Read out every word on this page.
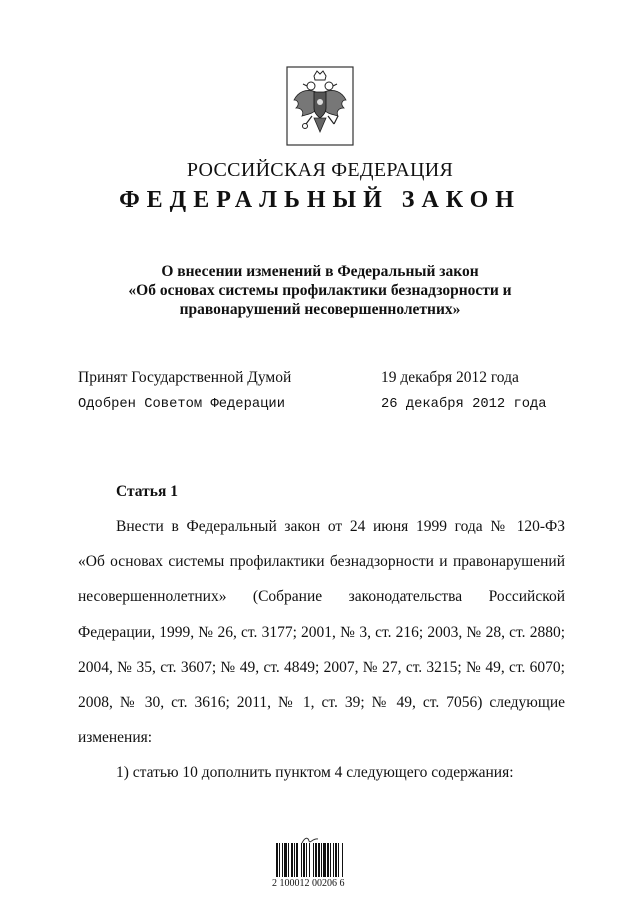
РОССИЙСКАЯ ФЕДЕРАЦИЯ
ФЕДЕРАЛЬНЫЙ ЗАКОН
О внесении изменений в Федеральный закон
«Об основах системы профилактики безнадзорности и
правонарушений несовершеннолетних»
Принят Государственной Думой	19 декабря 2012 года
Одобрен Советом Федерации	26 декабря 2012 года
Статья 1
Внести в Федеральный закон от 24 июня 1999 года № 120-ФЗ
«Об основах системы профилактики безнадзорности и правонарушений
несовершеннолетних» (Собрание законодательства Российской
Федерации, 1999, № 26, ст. 3177; 2001, № 3, ст. 216; 2003, № 28, ст. 2880;
2004, № 35, ст. 3607; № 49, ст. 4849; 2007, № 27, ст. 3215; № 49, ст. 6070;
2008, № 30, ст. 3616; 2011, № 1, ст. 39; № 49, ст. 7056) следующие
изменения:
1) статью 10 дополнить пунктом 4 следующего содержания:
2 100012 00206 6
